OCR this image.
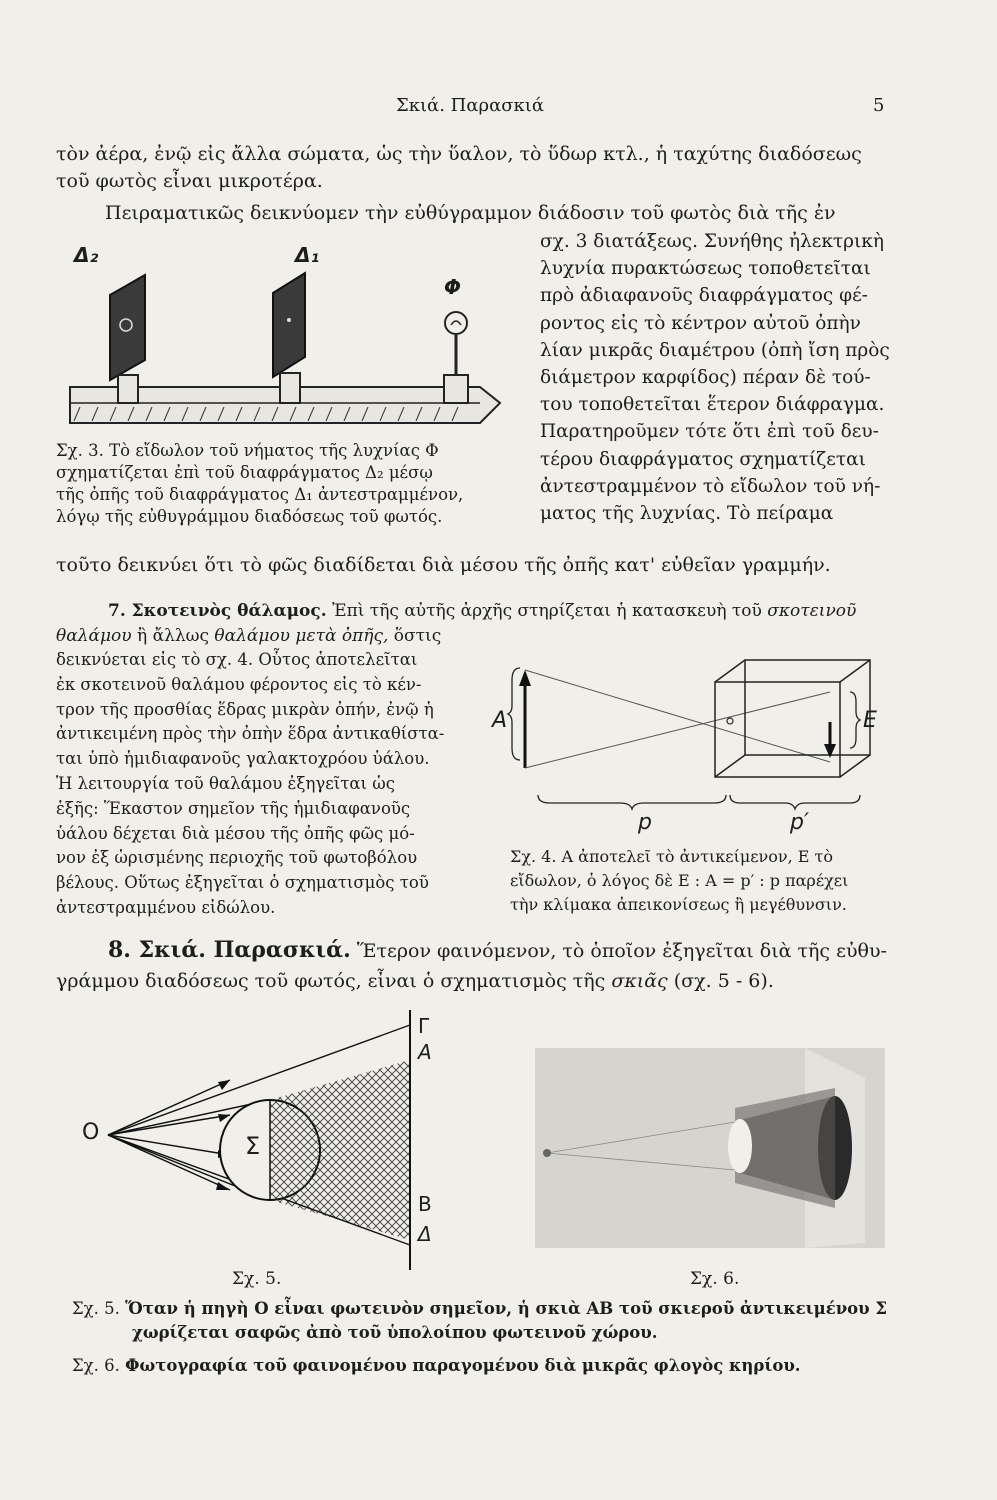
Σκιά. Παρασκιά	5
τὸν ἀέρα, ἐνῷ εἰς ἄλλα σώματα, ὡς τὴν ὕαλον, τὸ ὕδωρ κτλ., ἡ ταχύτης διαδόσεως
τοῦ φωτὸς εἶναι μικροτέρα.
Πειραματικῶς δεικνύομεν τὴν εὐθύγραμμον διάδοσιν τοῦ φωτὸς διὰ τῆς ἐν
Δ₂	Δ₁
Φ
Σχ. 3. Τὸ εἴδωλον τοῦ νήματος τῆς λυχνίας Φ
σχηματίζεται ἐπὶ τοῦ διαφράγματος Δ₂ μέσῳ
τῆς ὀπῆς τοῦ διαφράγματος Δ₁ ἀντεστραμμένον,
λόγῳ τῆς εὐθυγράμμου διαδόσεως τοῦ φωτός.
σχ. 3 διατάξεως. Συνήθης ἠλεκτρικὴ
λυχνία πυρακτώσεως τοποθετεῖται
πρὸ ἀδιαφανοῦς διαφράγματος φέ-
ροντος εἰς τὸ κέντρον αὐτοῦ ὀπὴν
λίαν μικρᾶς διαμέτρου (ὀπὴ ἴση πρὸς
διάμετρον καρφίδος) πέραν δὲ τού-
του τοποθετεῖται ἕτερον διάφραγμα.
Παρατηροῦμεν τότε ὅτι ἐπὶ τοῦ δευ-
τέρου διαφράγματος σχηματίζεται
ἀντεστραμμένον τὸ εἴδωλον τοῦ νή-
ματος τῆς λυχνίας. Τὸ πείραμα
τοῦτο δεικνύει ὅτι τὸ φῶς διαδίδεται διὰ μέσου τῆς ὀπῆς κατ' εὐθεῖαν γραμμήν.
7. Σκοτεινὸς θάλαμος. Ἐπὶ τῆς αὐτῆς ἀρχῆς στηρίζεται ἡ κατασκευὴ τοῦ σκοτεινοῦ
θαλάμου ἢ ἄλλως θαλάμου μετὰ ὀπῆς, ὅστις
δεικνύεται εἰς τὸ σχ. 4. Οὗτος ἀποτελεῖται
ἐκ σκοτεινοῦ θαλάμου φέροντος εἰς τὸ κέν-
τρον τῆς προσθίας ἕδρας μικρὰν ὀπήν, ἐνῷ ἡ
ἀντικειμένη πρὸς τὴν ὀπὴν ἕδρα ἀντικαθίστα-
ται ὑπὸ ἡμιδιαφανοῦς γαλακτοχρόου ὑάλου.
Ἡ λειτουργία τοῦ θαλάμου ἐξηγεῖται ὡς
ἑξῆς: Ἕκαστον σημεῖον τῆς ἡμιδιαφανοῦς
ὑάλου δέχεται διὰ μέσου τῆς ὀπῆς φῶς μό-
νον ἐξ ὡρισμένης περιοχῆς τοῦ φωτοβόλου
βέλους. Οὕτως ἐξηγεῖται ὁ σχηματισμὸς τοῦ
ἀντεστραμμένου εἰδώλου.
A	E
p	p′
Σχ. 4. A ἀποτελεῖ τὸ ἀντικείμενον, E τὸ
εἴδωλον, ὁ λόγος δὲ E : A = p′ : p παρέχει
τὴν κλίμακα ἀπεικονίσεως ἢ μεγέθυνσιν.
8. Σκιά. Παρασκιά. Ἕτερον φαινόμενον, τὸ ὁποῖον ἐξηγεῖται διὰ τῆς εὐθυ-
γράμμου διαδόσεως τοῦ φωτός, εἶναι ὁ σχηματισμὸς τῆς σκιᾶς (σχ. 5 - 6).
O	Σ
Γ
A
B
Δ
Σχ. 5.	Σχ. 6.
Σχ. 5. Ὅταν ἡ πηγὴ O εἶναι φωτεινὸν σημεῖον, ἡ σκιὰ AB τοῦ σκιεροῦ ἀντικειμένου Σ
χωρίζεται σαφῶς ἀπὸ τοῦ ὑπολοίπου φωτεινοῦ χώρου.
Σχ. 6. Φωτογραφία τοῦ φαινομένου παραγομένου διὰ μικρᾶς φλογὸς κηρίου.
